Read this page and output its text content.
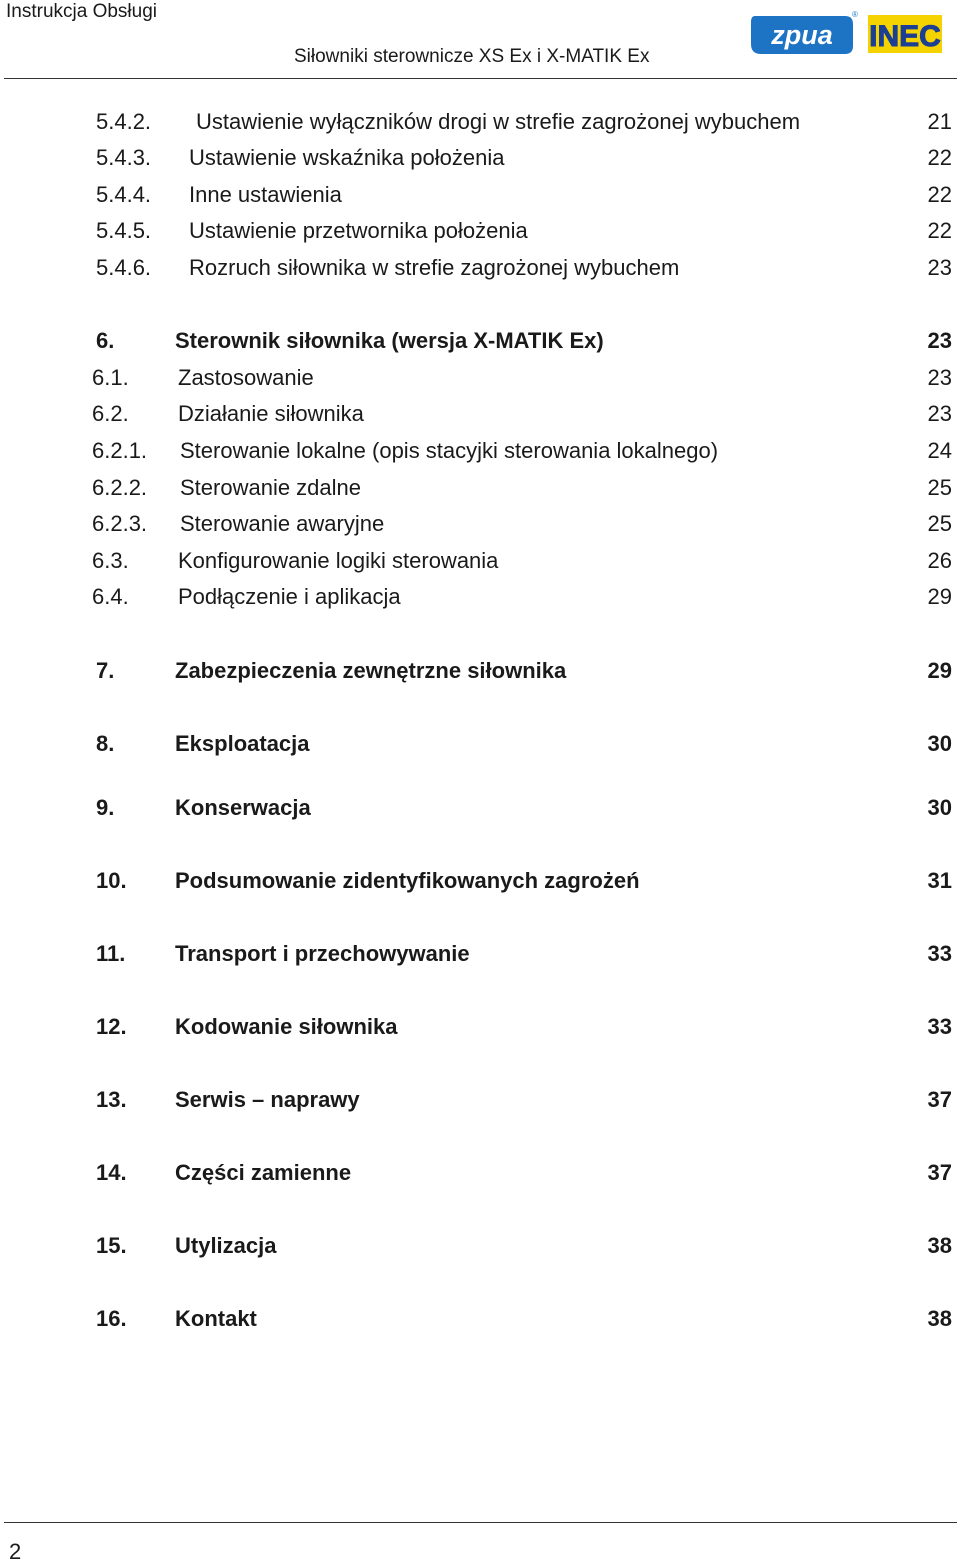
Instrukcja Obsługi
Siłowniki sterownicze XS Ex i X-MATIK Ex
zpua
®
INEC
5.4.2. Ustawienie wyłączników drogi w strefie zagrożonej wybuchem	21
5.4.3. Ustawienie wskaźnika położenia	22
5.4.4. Inne ustawienia	22
5.4.5. Ustawienie przetwornika położenia	22
5.4.6. Rozruch siłownika w strefie zagrożonej wybuchem	23
6.	Sterownik siłownika (wersja X-MATIK Ex)	23
6.1. Zastosowanie	23
6.2. Działanie siłownika	23
6.2.1. Sterowanie lokalne (opis stacyjki sterowania lokalnego)	24
6.2.2. Sterowanie zdalne	25
6.2.3. Sterowanie awaryjne	25
6.3. Konfigurowanie logiki sterowania	26
6.4. Podłączenie i aplikacja	29
7.	Zabezpieczenia zewnętrzne siłownika	29
8.	Eksploatacja	30
9.	Konserwacja	30
10. Podsumowanie zidentyfikowanych zagrożeń	31
11. Transport i przechowywanie	33
12. Kodowanie siłownika	33
13. Serwis – naprawy	37
14. Części zamienne	37
15. Utylizacja	38
16. Kontakt	38
2
